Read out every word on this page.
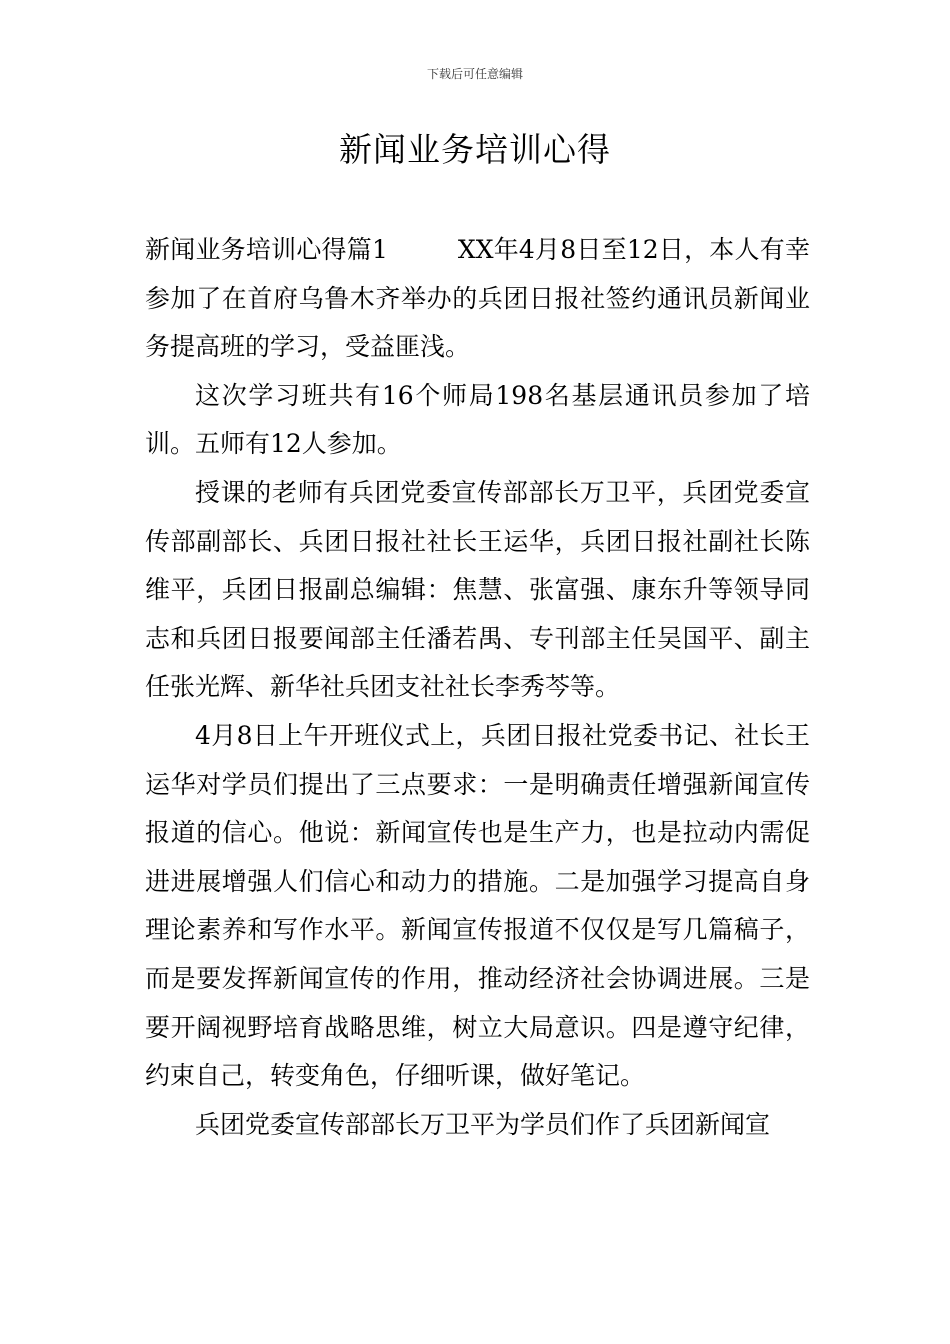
下载后可任意编辑
新闻业务培训心得

新闻业务培训心得篇1	XX年4月8日至12日，本人有幸参加了在首府乌鲁木齐举办的兵团日报社签约通讯员新闻业务提高班的学习，受益匪浅。

这次学习班共有16个师局198名基层通讯员参加了培训。五师有12人参加。

授课的老师有兵团党委宣传部部长万卫平，兵团党委宣传部副部长、兵团日报社社长王运华，兵团日报社副社长陈维平，兵团日报副总编辑：焦慧、张富强、康东升等领导同志和兵团日报要闻部主任潘若禺、专刊部主任吴国平、副主任张光辉、新华社兵团支社社长李秀芩等。

4月8日上午开班仪式上，兵团日报社党委书记、社长王运华对学员们提出了三点要求：一是明确责任增强新闻宣传报道的信心。他说：新闻宣传也是生产力，也是拉动内需促进进展增强人们信心和动力的措施。二是加强学习提高自身理论素养和写作水平。新闻宣传报道不仅仅是写几篇稿子，而是要发挥新闻宣传的作用，推动经济社会协调进展。三是要开阔视野培育战略思维，树立大局意识。四是遵守纪律，约束自己，转变角色，仔细听课，做好笔记。

兵团党委宣传部部长万卫平为学员们作了兵团新闻宣
